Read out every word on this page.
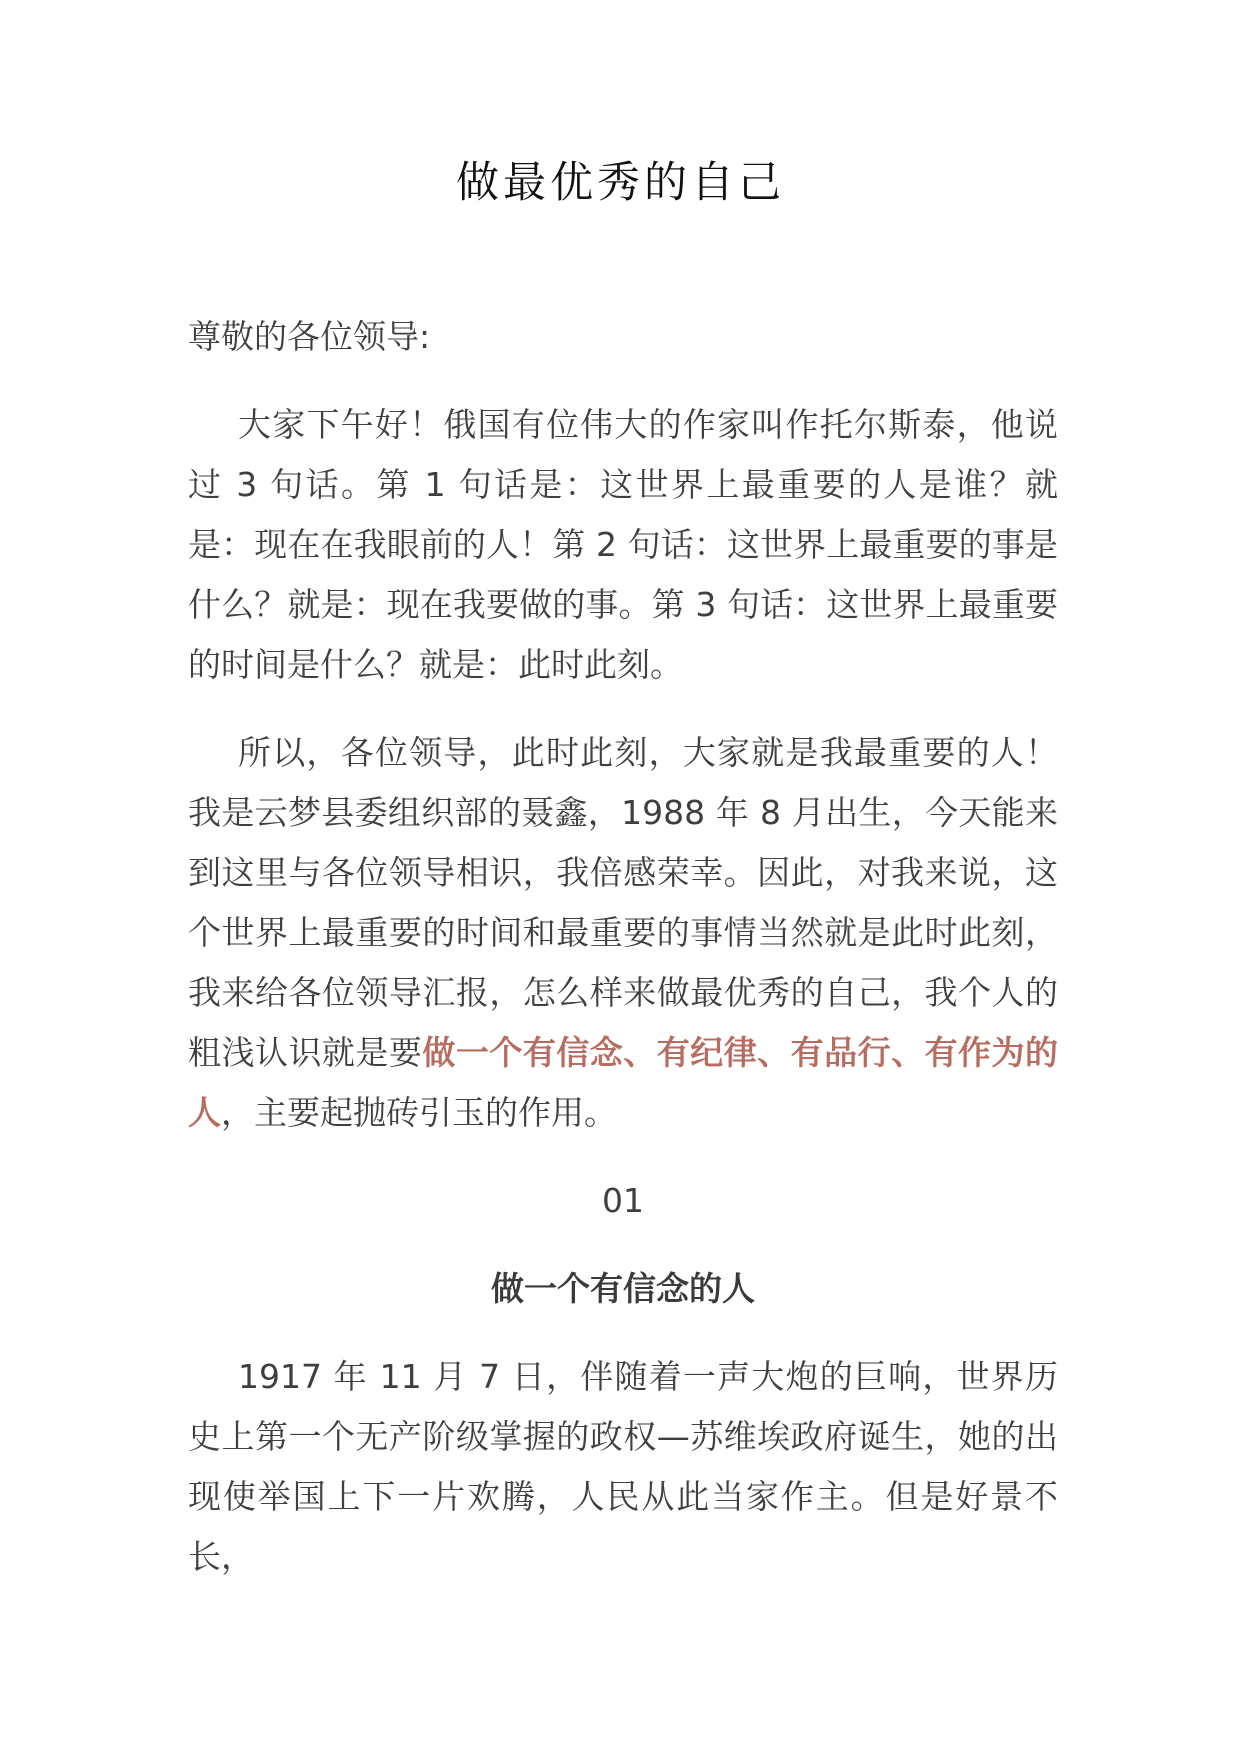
做最优秀的自己

尊敬的各位领导:

大家下午好！俄国有位伟大的作家叫作托尔斯泰，他说过 3 句话。第 1 句话是：这世界上最重要的人是谁？就是：现在在我眼前的人！第 2 句话：这世界上最重要的事是什么？就是：现在我要做的事。第 3 句话：这世界上最重要的时间是什么？就是：此时此刻。

所以，各位领导，此时此刻，大家就是我最重要的人！我是云梦县委组织部的聂鑫，1988 年 8 月出生，今天能来到这里与各位领导相识，我倍感荣幸。因此，对我来说，这个世界上最重要的时间和最重要的事情当然就是此时此刻，我来给各位领导汇报，怎么样来做最优秀的自己，我个人的粗浅认识就是要做一个有信念、有纪律、有品行、有作为的人，主要起抛砖引玉的作用。

01
做一个有信念的人

1917 年 11 月 7 日，伴随着一声大炮的巨响，世界历史上第一个无产阶级掌握的政权—苏维埃政府诞生，她的出现使举国上下一片欢腾，人民从此当家作主。但是好景不长，
